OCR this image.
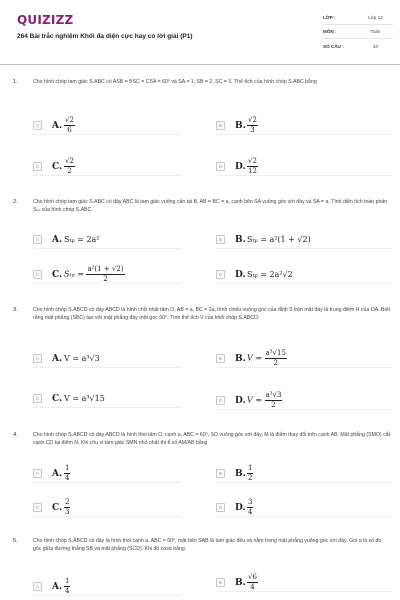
QUIZIZZ
264 Bài trắc nghiệm Khối đa diện cực hay có lời giải (P1)
LỚP :	Lớp 12
MÔN :	Toán
SỐ CÂU :	40
1.	Cho hình chóp tam giác S.ABC có ASB = BSC = CSA = 60⁰ và SA = 1, SB = 2, SC = 3. Thể tích của hình chóp S.ABC bằng
A	A. $\frac{√2}{6}$	B	B. $\frac{√2}{3}$
C	C. $\frac{√2}{2}$	D	D. $\frac{√2}{12}$
2.	Cho hình chóp tam giác S.ABC có đáy ABC là tam giác vuông cân tại B, AB = BC = a, cạnh bên SA vuông góc với đáy và SA = a. Tính diện tích toàn phần Sₜₚ của hình chóp S.ABC.
A	A. Sₜₚ = 2a²	B	B. Sₜₚ = a²(1 + √2)
C	C. $S_{tp} = \frac{\text{a²(1 + √2)}}{2}$	D	D. Sₜₚ = 2a²√2
3.	Cho hình chóp S.ABCD có đáy ABCD là hình chữ nhật tâm O, AB = a, BC = 2a, hình chiếu vuông góc của đỉnh S trên mặt đáy là trung điểm H của OA. Biết rằng mặt phẳng (SBC) tạo với mặt phẳng đáy một góc 60⁰. Tính thể tích V của khối chóp S.ABCD.
A	A. V = a³√3	B	B. $V = \frac{\text{a³√15}}{2}$
C	C. V = a³√15	D	D. $V = \frac{\text{a³√3}}{2}$
4.	Cho hình chóp S.ABCD có đáy ABCD là hình thoi tâm O, cạnh a, ABC = 60⁰, SO vuông góc với đáy, M là điểm thay đổi trên cạnh AB. Mặt phẳng (SMO) cắt cạnh CD tại điểm N. Khi chu vi tam giác SMN nhỏ nhất thì tỉ số AM/AB bằng
A	A. $\frac{1}{4}$	B	B. $\frac{1}{2}$
C	C. $\frac{2}{3}$	D	D. $\frac{3}{4}$
5.	Cho hình chóp S.ABCD có đáy là hình thoi cạnh a, ABC = 60⁰, mặt bên SAB là tam giác đều và nằm trong mặt phẳng vuông góc với đáy. Gọi α là số đo góc giữa đường thẳng SB và mặt phẳng (SCD). Khi đó cosα bằng
A	A. $\frac{1}{4}$	B	B. $\frac{√6}{4}$
